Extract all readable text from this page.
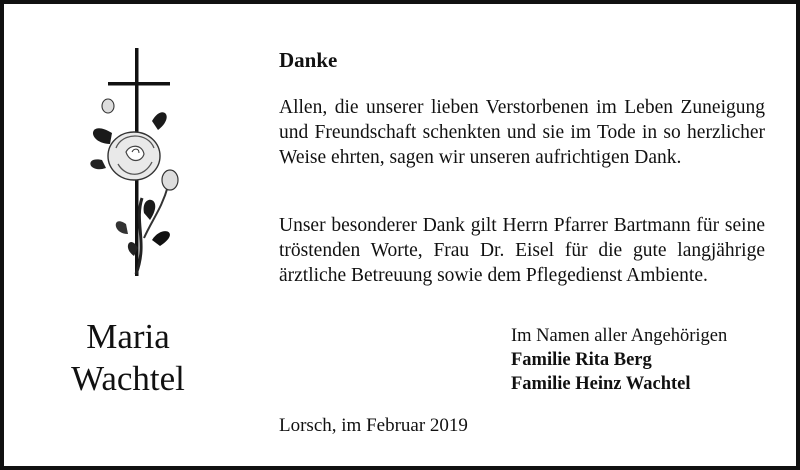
Maria
Wachtel
Danke
Allen, die unserer lieben Verstorbenen im Leben Zuneigung und Freundschaft schenkten und sie im Tode in so herzlicher Weise ehrten, sagen wir unseren aufrichtigen Dank.
Unser besonderer Dank gilt Herrn Pfarrer Bartmann für seine tröstenden Worte, Frau Dr. Eisel für die gute langjährige ärztliche Betreuung sowie dem Pflegedienst Ambiente.
Im Namen aller Angehörigen
Familie Rita Berg
Familie Heinz Wachtel
Lorsch, im Februar 2019
